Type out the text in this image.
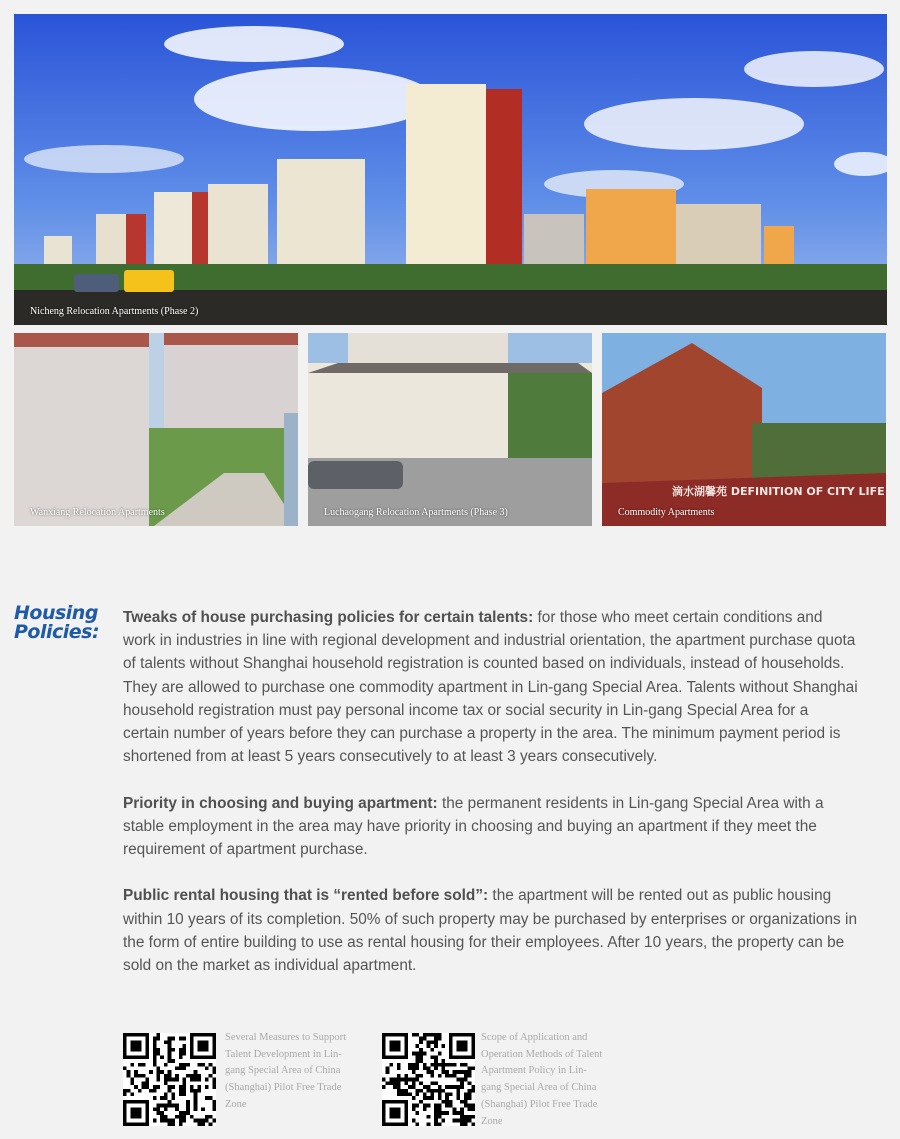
Nicheng Relocation Apartments (Phase 2)
Wanxiang Relocation Apartments	Luchaogang Relocation Apartments (Phase 3)
滴水湖馨苑 DEFINITION OF CITY LIFE
Commodity Apartments
Housing
Policies:

Tweaks of house purchasing policies for certain talents: for those who meet certain conditions and work in industries in line with regional development and industrial orientation, the apartment purchase quota of talents without Shanghai household registration is counted based on individuals, instead of households. They are allowed to purchase one commodity apartment in Lin-gang Special Area. Talents without Shanghai household registration must pay personal income tax or social security in Lin-gang Special Area for a certain number of years before they can purchase a property in the area. The minimum payment period is shortened from at least 5 years consecutively to at least 3 years consecutively.

Priority in choosing and buying apartment: the permanent residents in Lin-gang Special Area with a stable employment in the area may have priority in choosing and buying an apartment if they meet the requirement of apartment purchase.

Public rental housing that is “rented before sold”: the apartment will be rented out as public housing within 10 years of its completion. 50% of such property may be purchased by enterprises or organizations in the form of entire building to use as rental housing for their employees. After 10 years, the property can be sold on the market as individual apartment.

Several Measures to Support Talent Development in Lin-gang Special Area of China (Shanghai) Pilot Free Trade Zone
Scope of Application and Operation Methods of Talent Apartment Policy in Lin-gang Special Area of China (Shanghai) Pilot Free Trade Zone
